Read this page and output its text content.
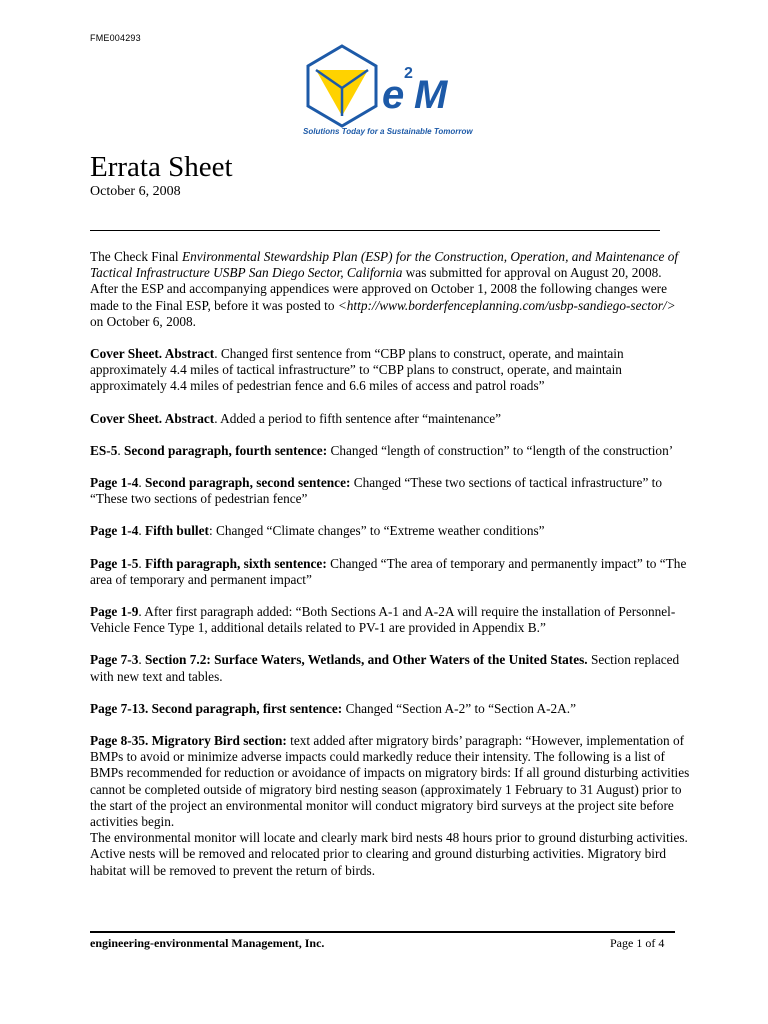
FME004293
e 2 M
Solutions Today for a Sustainable Tomorrow
Errata Sheet
October 6, 2008

The Check Final Environmental Stewardship Plan (ESP) for the Construction, Operation, and Maintenance of Tactical Infrastructure USBP San Diego Sector, California was submitted for approval on August 20, 2008. After the ESP and accompanying appendices were approved on October 1, 2008 the following changes were made to the Final ESP, before it was posted to <http://www.borderfenceplanning.com/usbp-sandiego-sector/> on October 6, 2008.

Cover Sheet. Abstract. Changed first sentence from “CBP plans to construct, operate, and maintain approximately 4.4 miles of tactical infrastructure” to “CBP plans to construct, operate, and maintain approximately 4.4 miles of pedestrian fence and 6.6 miles of access and patrol roads”

Cover Sheet. Abstract. Added a period to fifth sentence after “maintenance”

ES-5. Second paragraph, fourth sentence: Changed “length of construction” to “length of the construction’

Page 1-4. Second paragraph, second sentence: Changed “These two sections of tactical infrastructure” to “These two sections of pedestrian fence”

Page 1-4. Fifth bullet: Changed “Climate changes” to “Extreme weather conditions”

Page 1-5. Fifth paragraph, sixth sentence: Changed “The area of temporary and permanently impact” to “The area of temporary and permanent impact”

Page 1-9. After first paragraph added: “Both Sections A-1 and A-2A will require the installation of Personnel-Vehicle Fence Type 1, additional details related to PV-1 are provided in Appendix B.”

Page 7-3. Section 7.2: Surface Waters, Wetlands, and Other Waters of the United States. Section replaced with new text and tables.

Page 7-13. Second paragraph, first sentence: Changed “Section A-2” to “Section A-2A.”

Page 8-35. Migratory Bird section: text added after migratory birds’ paragraph: “However, implementation of BMPs to avoid or minimize adverse impacts could markedly reduce their intensity. The following is a list of BMPs recommended for reduction or avoidance of impacts on migratory birds: If all ground disturbing activities cannot be completed outside of migratory bird nesting season (approximately 1 February to 31 August) prior to the start of the project an environmental monitor will conduct migratory bird surveys at the project site before activities begin.
The environmental monitor will locate and clearly mark bird nests 48 hours prior to ground disturbing activities. Active nests will be removed and relocated prior to clearing and ground disturbing activities. Migratory bird habitat will be removed to prevent the return of birds.

engineering-environmental Management, Inc.	Page 1 of 4
